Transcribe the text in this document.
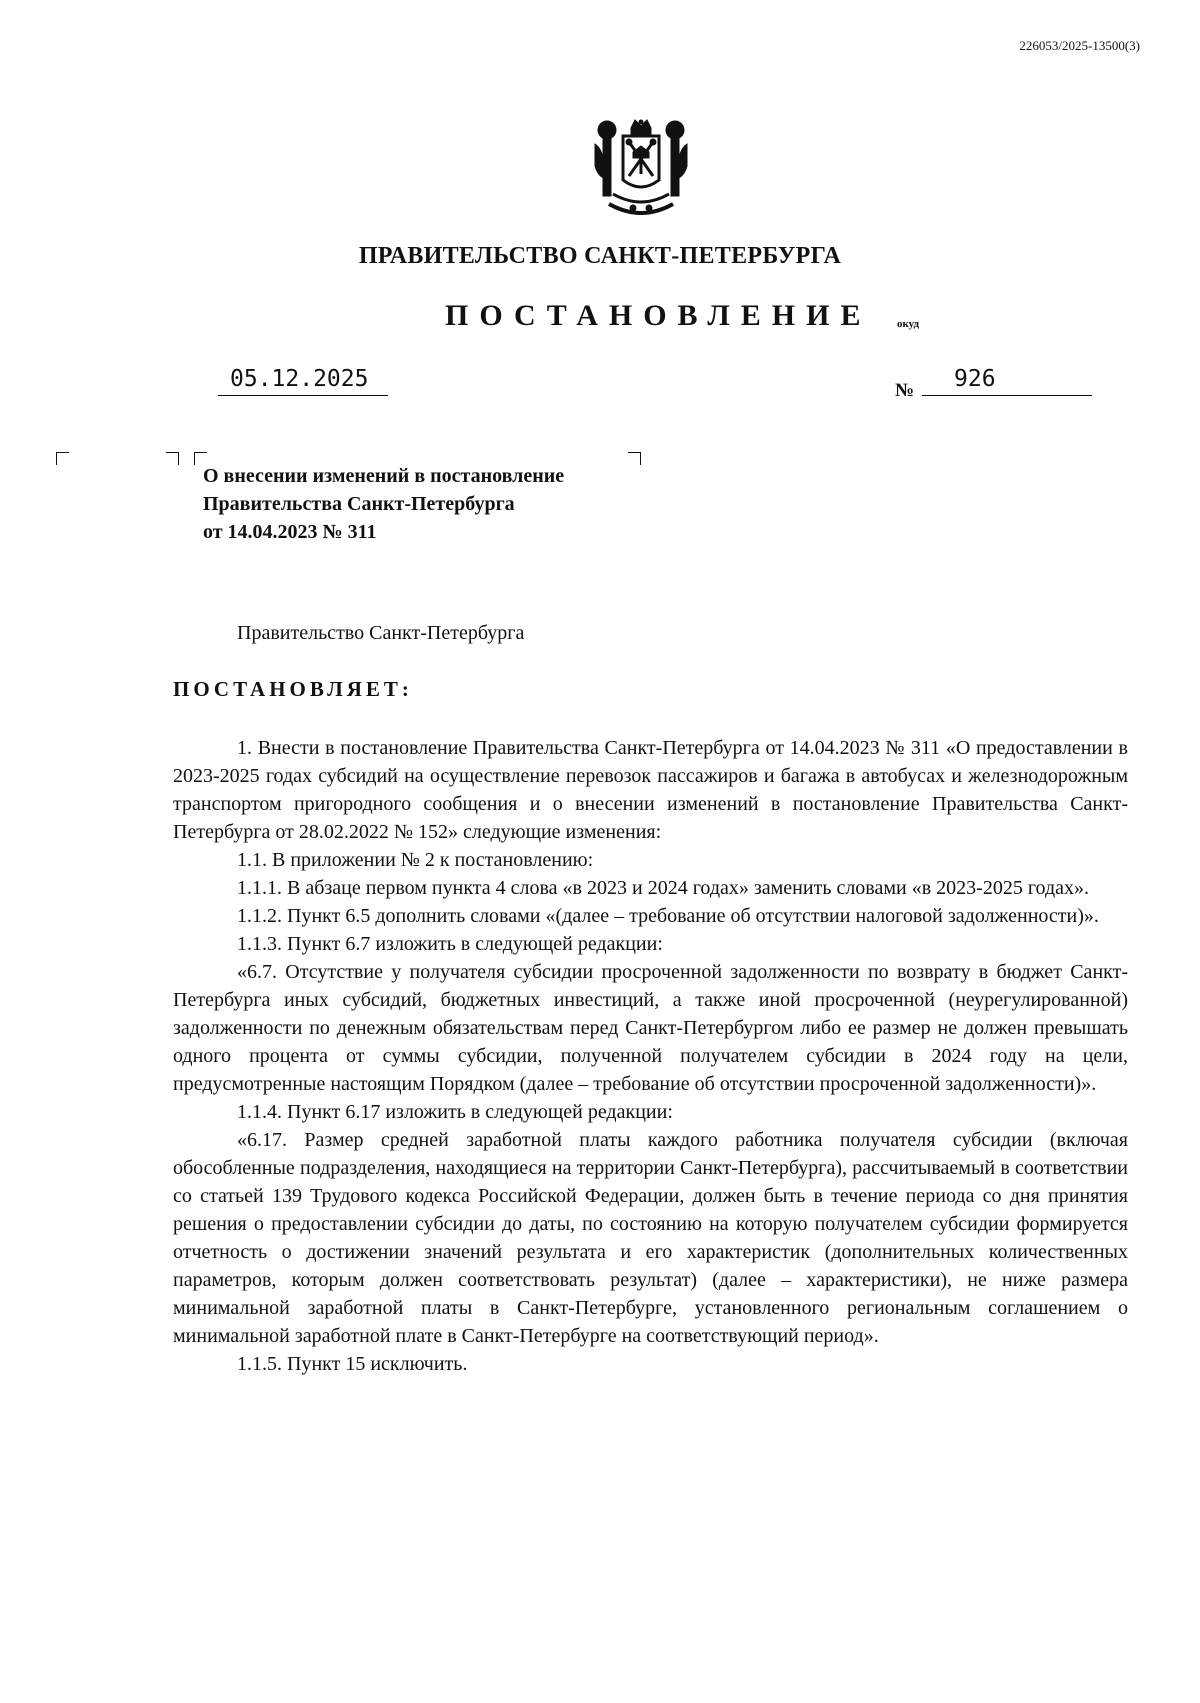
226053/2025-13500(3)
ПРАВИТЕЛЬСТВО САНКТ-ПЕТЕРБУРГА
ПОСТАНОВЛЕНИЕ окуд
05.12.2025	№	926
О внесении изменений в постановление
Правительства Санкт-Петербурга
от 14.04.2023 № 311
Правительство Санкт-Петербурга
ПОСТАНОВЛЯЕТ:

1. Внести в постановление Правительства Санкт-Петербурга от 14.04.2023 № 311 «О предоставлении в 2023-2025 годах субсидий на осуществление перевозок пассажиров и багажа в автобусах и железнодорожным транспортом пригородного сообщения и о внесении изменений в постановление Правительства Санкт-Петербурга от 28.02.2022 № 152» следующие изменения:

1.1. В приложении № 2 к постановлению:

1.1.1. В абзаце первом пункта 4 слова «в 2023 и 2024 годах» заменить словами «в 2023-2025 годах».

1.1.2. Пункт 6.5 дополнить словами «(далее – требование об отсутствии налоговой задолженности)».

1.1.3. Пункт 6.7 изложить в следующей редакции:

«6.7. Отсутствие у получателя субсидии просроченной задолженности по возврату в бюджет Санкт-Петербурга иных субсидий, бюджетных инвестиций, а также иной просроченной (неурегулированной) задолженности по денежным обязательствам перед Санкт-Петербургом либо ее размер не должен превышать одного процента от суммы субсидии, полученной получателем субсидии в 2024 году на цели, предусмотренные настоящим Порядком (далее – требование об отсутствии просроченной задолженности)».

1.1.4. Пункт 6.17 изложить в следующей редакции:

«6.17. Размер средней заработной платы каждого работника получателя субсидии (включая обособленные подразделения, находящиеся на территории Санкт-Петербурга), рассчитываемый в соответствии со статьей 139 Трудового кодекса Российской Федерации, должен быть в течение периода со дня принятия решения о предоставлении субсидии до даты, по состоянию на которую получателем субсидии формируется отчетность о достижении значений результата и его характеристик (дополнительных количественных параметров, которым должен соответствовать результат) (далее – характеристики), не ниже размера минимальной заработной платы в Санкт-Петербурге, установленного региональным соглашением о минимальной заработной плате в Санкт-Петербурге на соответствующий период».

1.1.5. Пункт 15 исключить.
